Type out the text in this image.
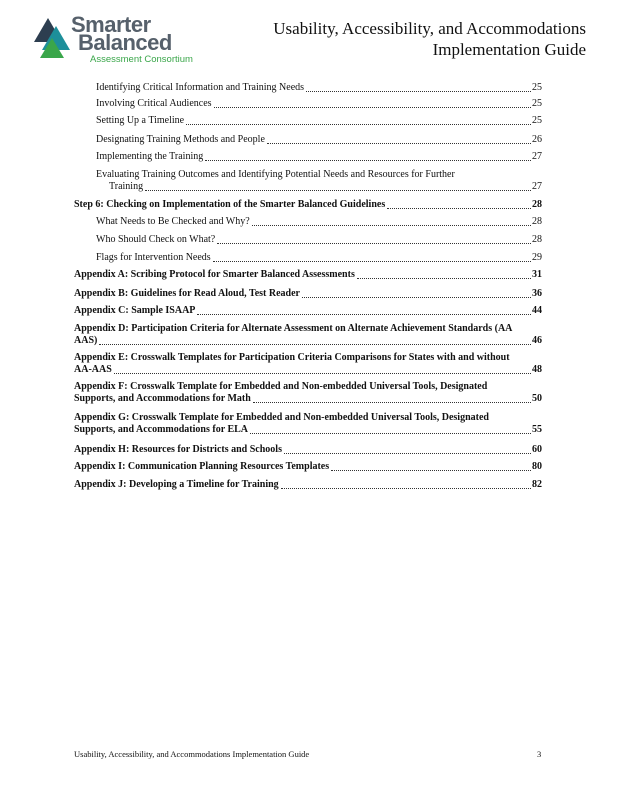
Smarter
Balanced
Assessment Consortium
Usability, Accessibility, and Accommodations
Implementation Guide
Identifying Critical Information and Training Needs	25
Involving Critical Audiences	25
Setting Up a Timeline	25
Designating Training Methods and People	26
Implementing the Training	27
Evaluating Training Outcomes and Identifying Potential Needs and Resources for Further
Training	27
Step 6: Checking on Implementation of the Smarter Balanced Guidelines	28
What Needs to Be Checked and Why?	28
Who Should Check on What?	28
Flags for Intervention Needs	29
Appendix A: Scribing Protocol for Smarter Balanced Assessments	31
Appendix B: Guidelines for Read Aloud, Test Reader	36
Appendix C: Sample ISAAP	44
Appendix D: Participation Criteria for Alternate Assessment on Alternate Achievement Standards (AA
AAS)	46
Appendix E: Crosswalk Templates for Participation Criteria Comparisons for States with and without
AA-AAS	48
Appendix F: Crosswalk Template for Embedded and Non-embedded Universal Tools, Designated
Supports, and Accommodations for Math	50
Appendix G: Crosswalk Template for Embedded and Non-embedded Universal Tools, Designated
Supports, and Accommodations for ELA	55
Appendix H: Resources for Districts and Schools	60
Appendix I: Communication Planning Resources Templates	80
Appendix J: Developing a Timeline for Training	82
Usability, Accessibility, and Accommodations Implementation Guide	3
